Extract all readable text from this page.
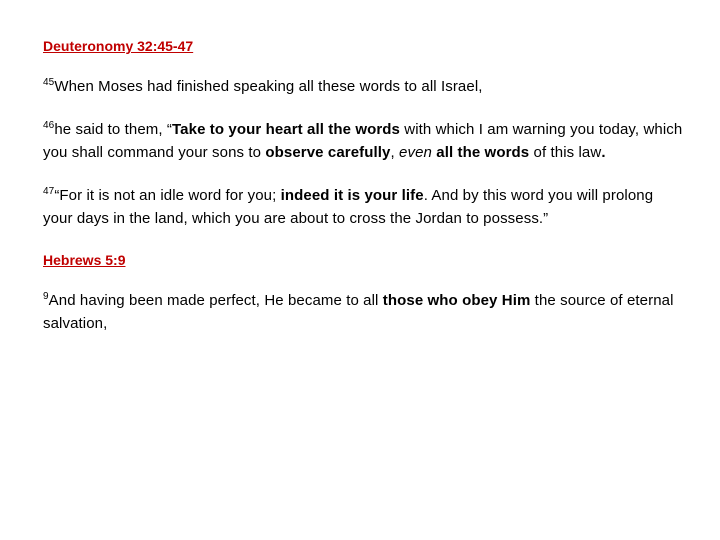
Deuteronomy 32:45-47

$^{45}$When Moses had finished speaking all these words to all Israel,

$^{46}$he said to them, “Take to your heart all the words with which I am warning you today, which you shall command your sons to observe carefully, even all the words of this law.

$^{47}$“For it is not an idle word for you; indeed it is your life. And by this word you will prolong your days in the land, which you are about to cross the Jordan to possess.”

Hebrews 5:9

$^9$And having been made perfect, He became to all those who obey Him the source of eternal salvation,
